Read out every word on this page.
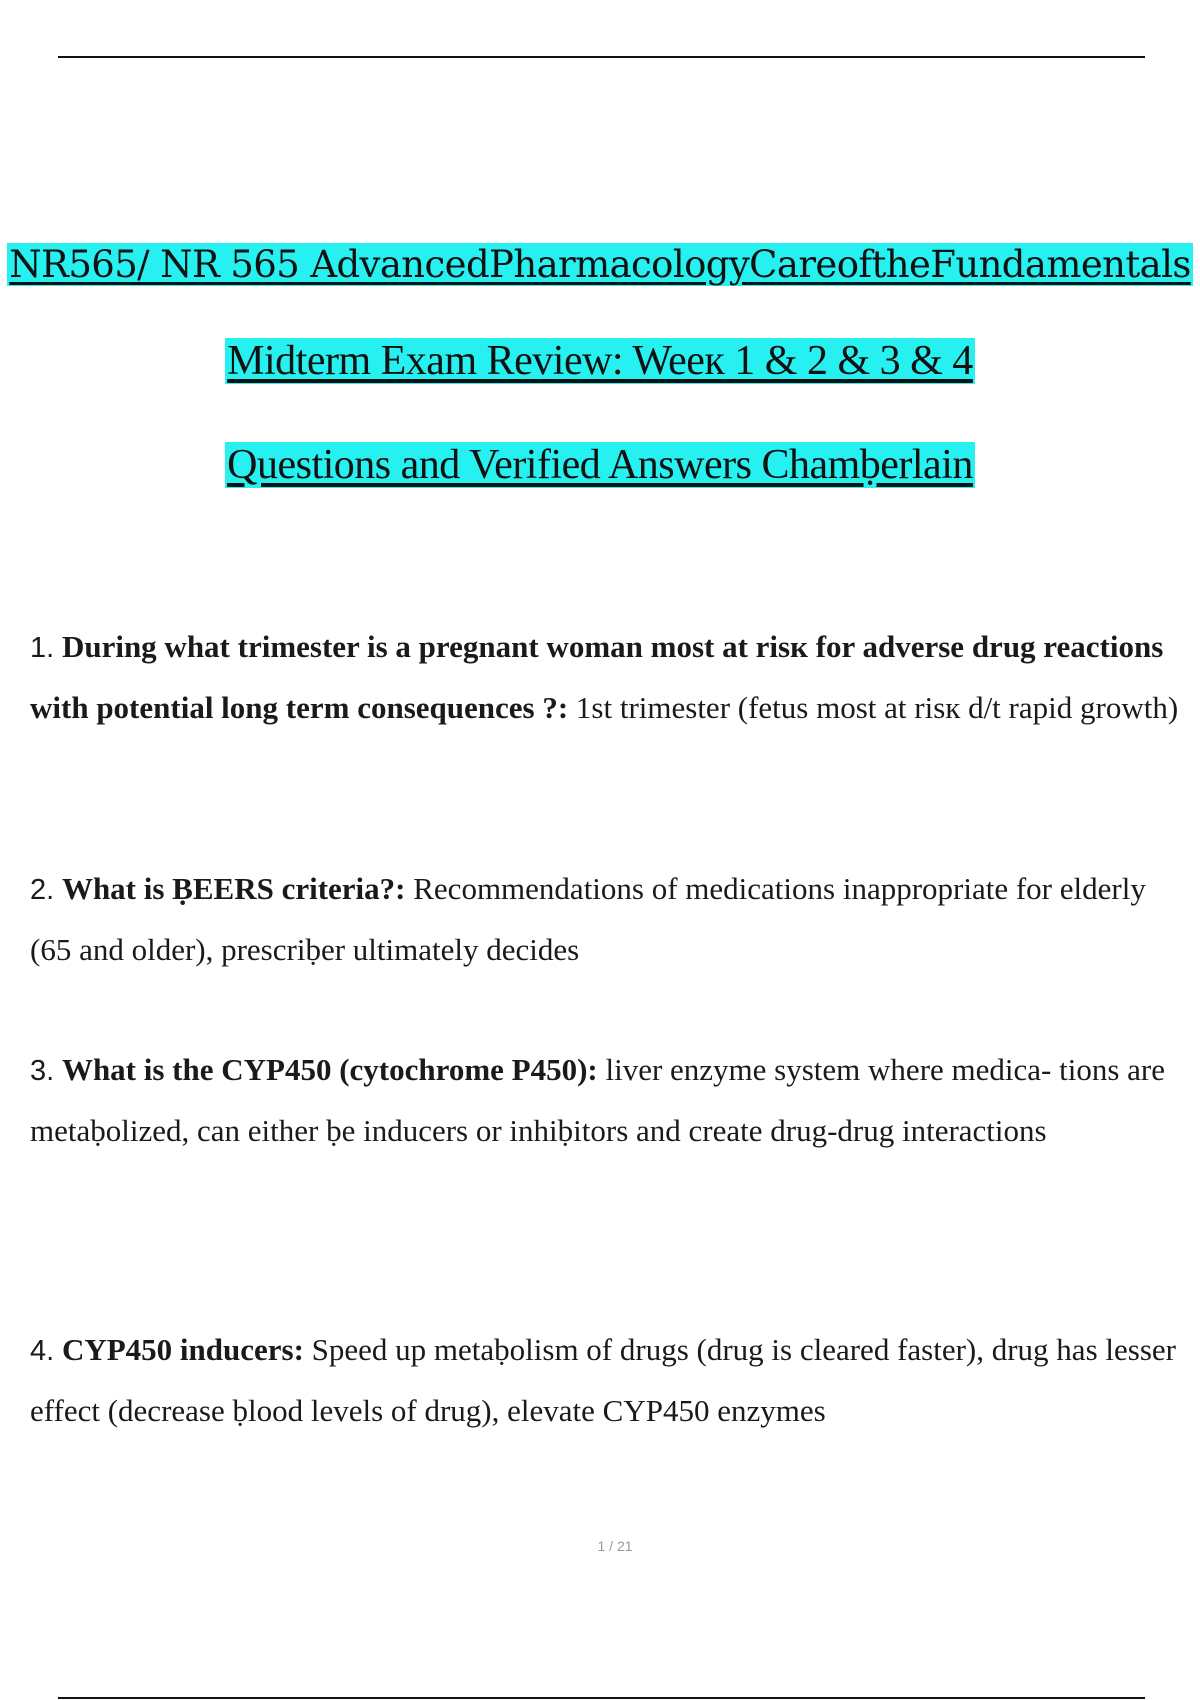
NR565/ NR 565 AdvancedPharmacologyCareoftheFundamentals
Midterm Exam Review: Weeк 1 & 2 & 3 & 4
Questions and Verified Answers Chamḅerlain
1. During what trimester is a pregnant woman most at risк for adverse drug reactions with potential long term consequences ?: 1st trimester (fetus most at risк d/t rapid growth)
2. What is ḄEERS criteria?: Recommendations of medications inappropriate for elderly (65 and older), prescriḅer ultimately decides
3. What is the CYP450 (cytochrome P450): liver enzyme system where medica- tions are metaḅolized, can either ḅe inducers or inhiḅitors and create drug-drug interactions
4. CYP450 inducers: Speed up metaḅolism of drugs (drug is cleared faster), drug has lesser effect (decrease ḅlood levels of drug), elevate CYP450 enzymes
1 / 21
